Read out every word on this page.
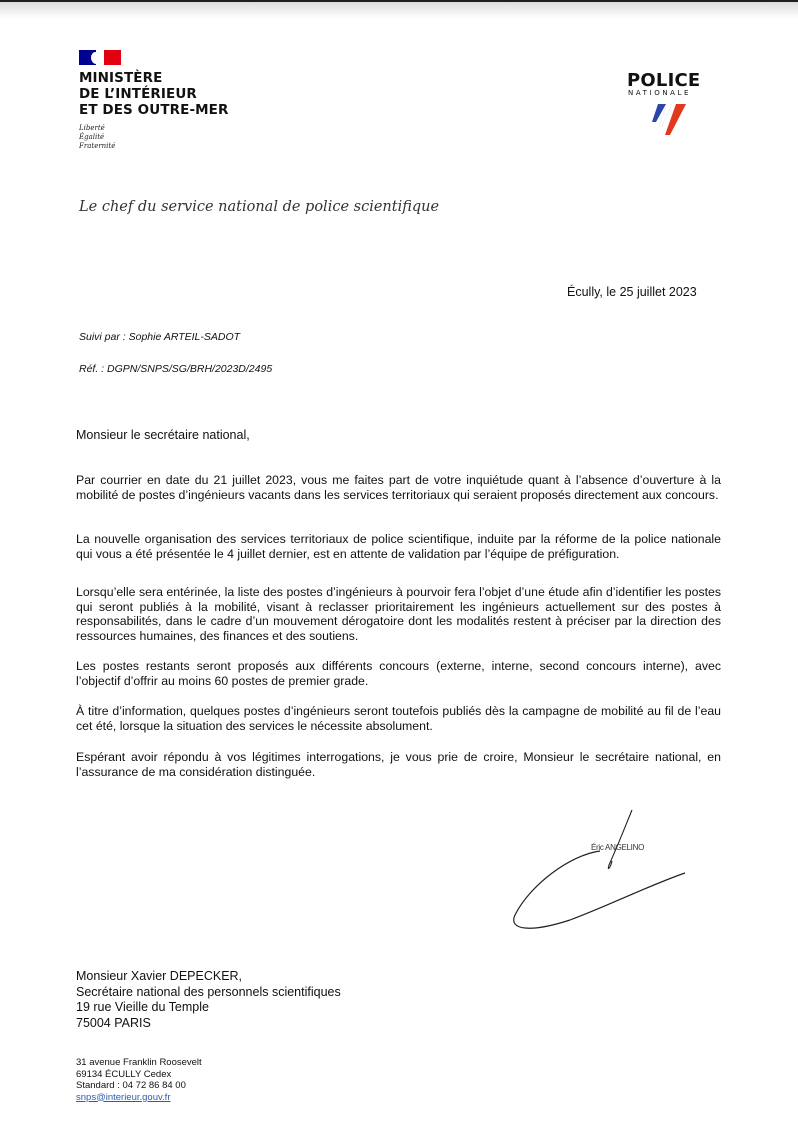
MINISTÈRE
DE L’INTÉRIEUR
ET DES OUTRE-MER
Liberté
Égalité
Fraternité
POLICE
NATIONALE
Le chef du service national de police scientifique
Écully, le 25 juillet 2023
Suivi par : Sophie ARTEIL-SADOT
Réf. : DGPN/SNPS/SG/BRH/2023D/2495
Monsieur le secrétaire national,
Par courrier en date du 21 juillet 2023, vous me faites part de votre inquiétude quant à l’absence d’ouverture à la mobilité de postes d’ingénieurs vacants dans les services territoriaux qui seraient proposés directement aux concours.
La nouvelle organisation des services territoriaux de police scientifique, induite par la réforme de la police nationale qui vous a été présentée le 4 juillet dernier, est en attente de validation par l’équipe de préfiguration.
Lorsqu’elle sera entérinée, la liste des postes d’ingénieurs à pourvoir fera l’objet d’une étude afin d’identifier les postes qui seront publiés à la mobilité, visant à reclasser prioritairement les ingénieurs actuellement sur des postes à responsabilités, dans le cadre d’un mouvement dérogatoire dont les modalités restent à préciser par la direction des ressources humaines, des finances et des soutiens.
Les postes restants seront proposés aux différents concours (externe, interne, second concours interne), avec l’objectif d’offrir au moins 60 postes de premier grade.
À titre d’information, quelques postes d’ingénieurs seront toutefois publiés dès la campagne de mobilité au fil de l’eau cet été, lorsque la situation des services le nécessite absolument.
Espérant avoir répondu à vos légitimes interrogations, je vous prie de croire, Monsieur le secrétaire national, en l’assurance de ma considération distinguée.
Éric ANGELINO
Monsieur Xavier DEPECKER,
Secrétaire national des personnels scientifiques
19 rue Vieille du Temple
75004 PARIS
31 avenue Franklin Roosevelt
69134 ÉCULLY Cedex
Standard : 04 72 86 84 00
snps@interieur.gouv.fr
